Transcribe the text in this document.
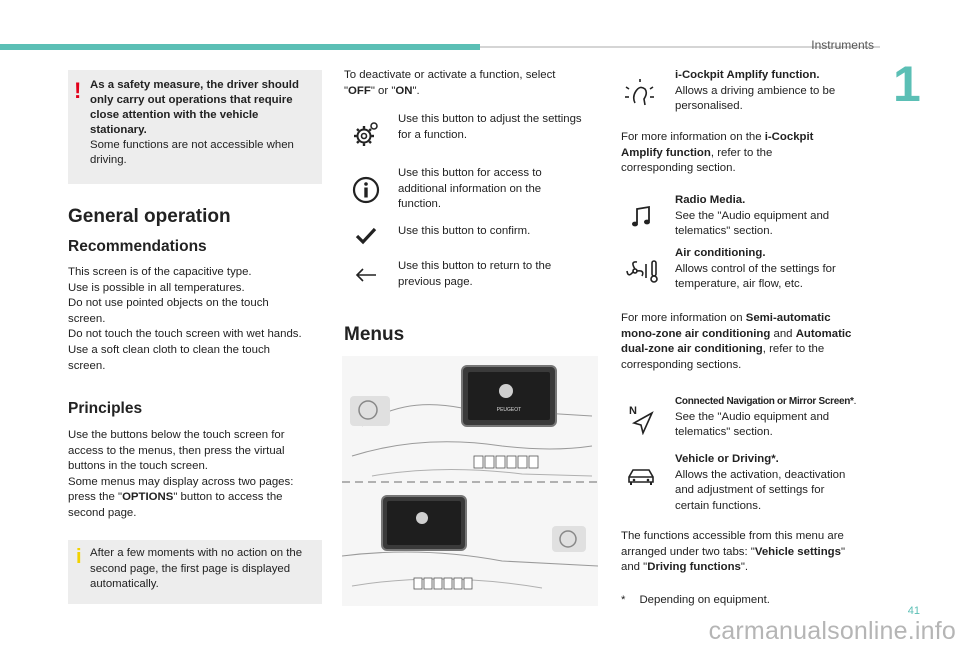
Instruments
1
! As a safety measure, the driver should
only carry out operations that require
close attention with the vehicle
stationary.
Some functions are not accessible when
driving.
General operation
Recommendations
This screen is of the capacitive type.
Use is possible in all temperatures.
Do not use pointed objects on the touch
screen.
Do not touch the touch screen with wet hands.
Use a soft clean cloth to clean the touch
screen.
Principles
Use the buttons below the touch screen for
access to the menus, then press the virtual
buttons in the touch screen.
Some menus may display across two pages:
press the "OPTIONS" button to access the
second page.
i After a few moments with no action on the
second page, the first page is displayed
automatically.
To deactivate or activate a function, select
"OFF" or "ON".
Use this button to adjust the settings
for a function.
Use this button for access to
additional information on the
function.
Use this button to confirm.
Use this button to return to the
previous page.
Menus
PEUGEOT
i-Cockpit Amplify function.
Allows a driving ambience to be
personalised.
For more information on the i-Cockpit
Amplify function, refer to the
corresponding section.
Radio Media.
See the "Audio equipment and
telematics" section.
Air conditioning.
Allows control of the settings for
temperature, air flow, etc.
For more information on Semi-automatic
mono-zone air conditioning and Automatic
dual-zone air conditioning, refer to the
corresponding sections.
N
Connected Navigation or Mirror Screen*.
See the "Audio equipment and
telematics" section.
Vehicle or Driving*.
Allows the activation, deactivation
and adjustment of settings for
certain functions.
The functions accessible from this menu are
arranged under two tabs: "Vehicle settings"
and "Driving functions".
* Depending on equipment.
41
carmanualsonline.info
